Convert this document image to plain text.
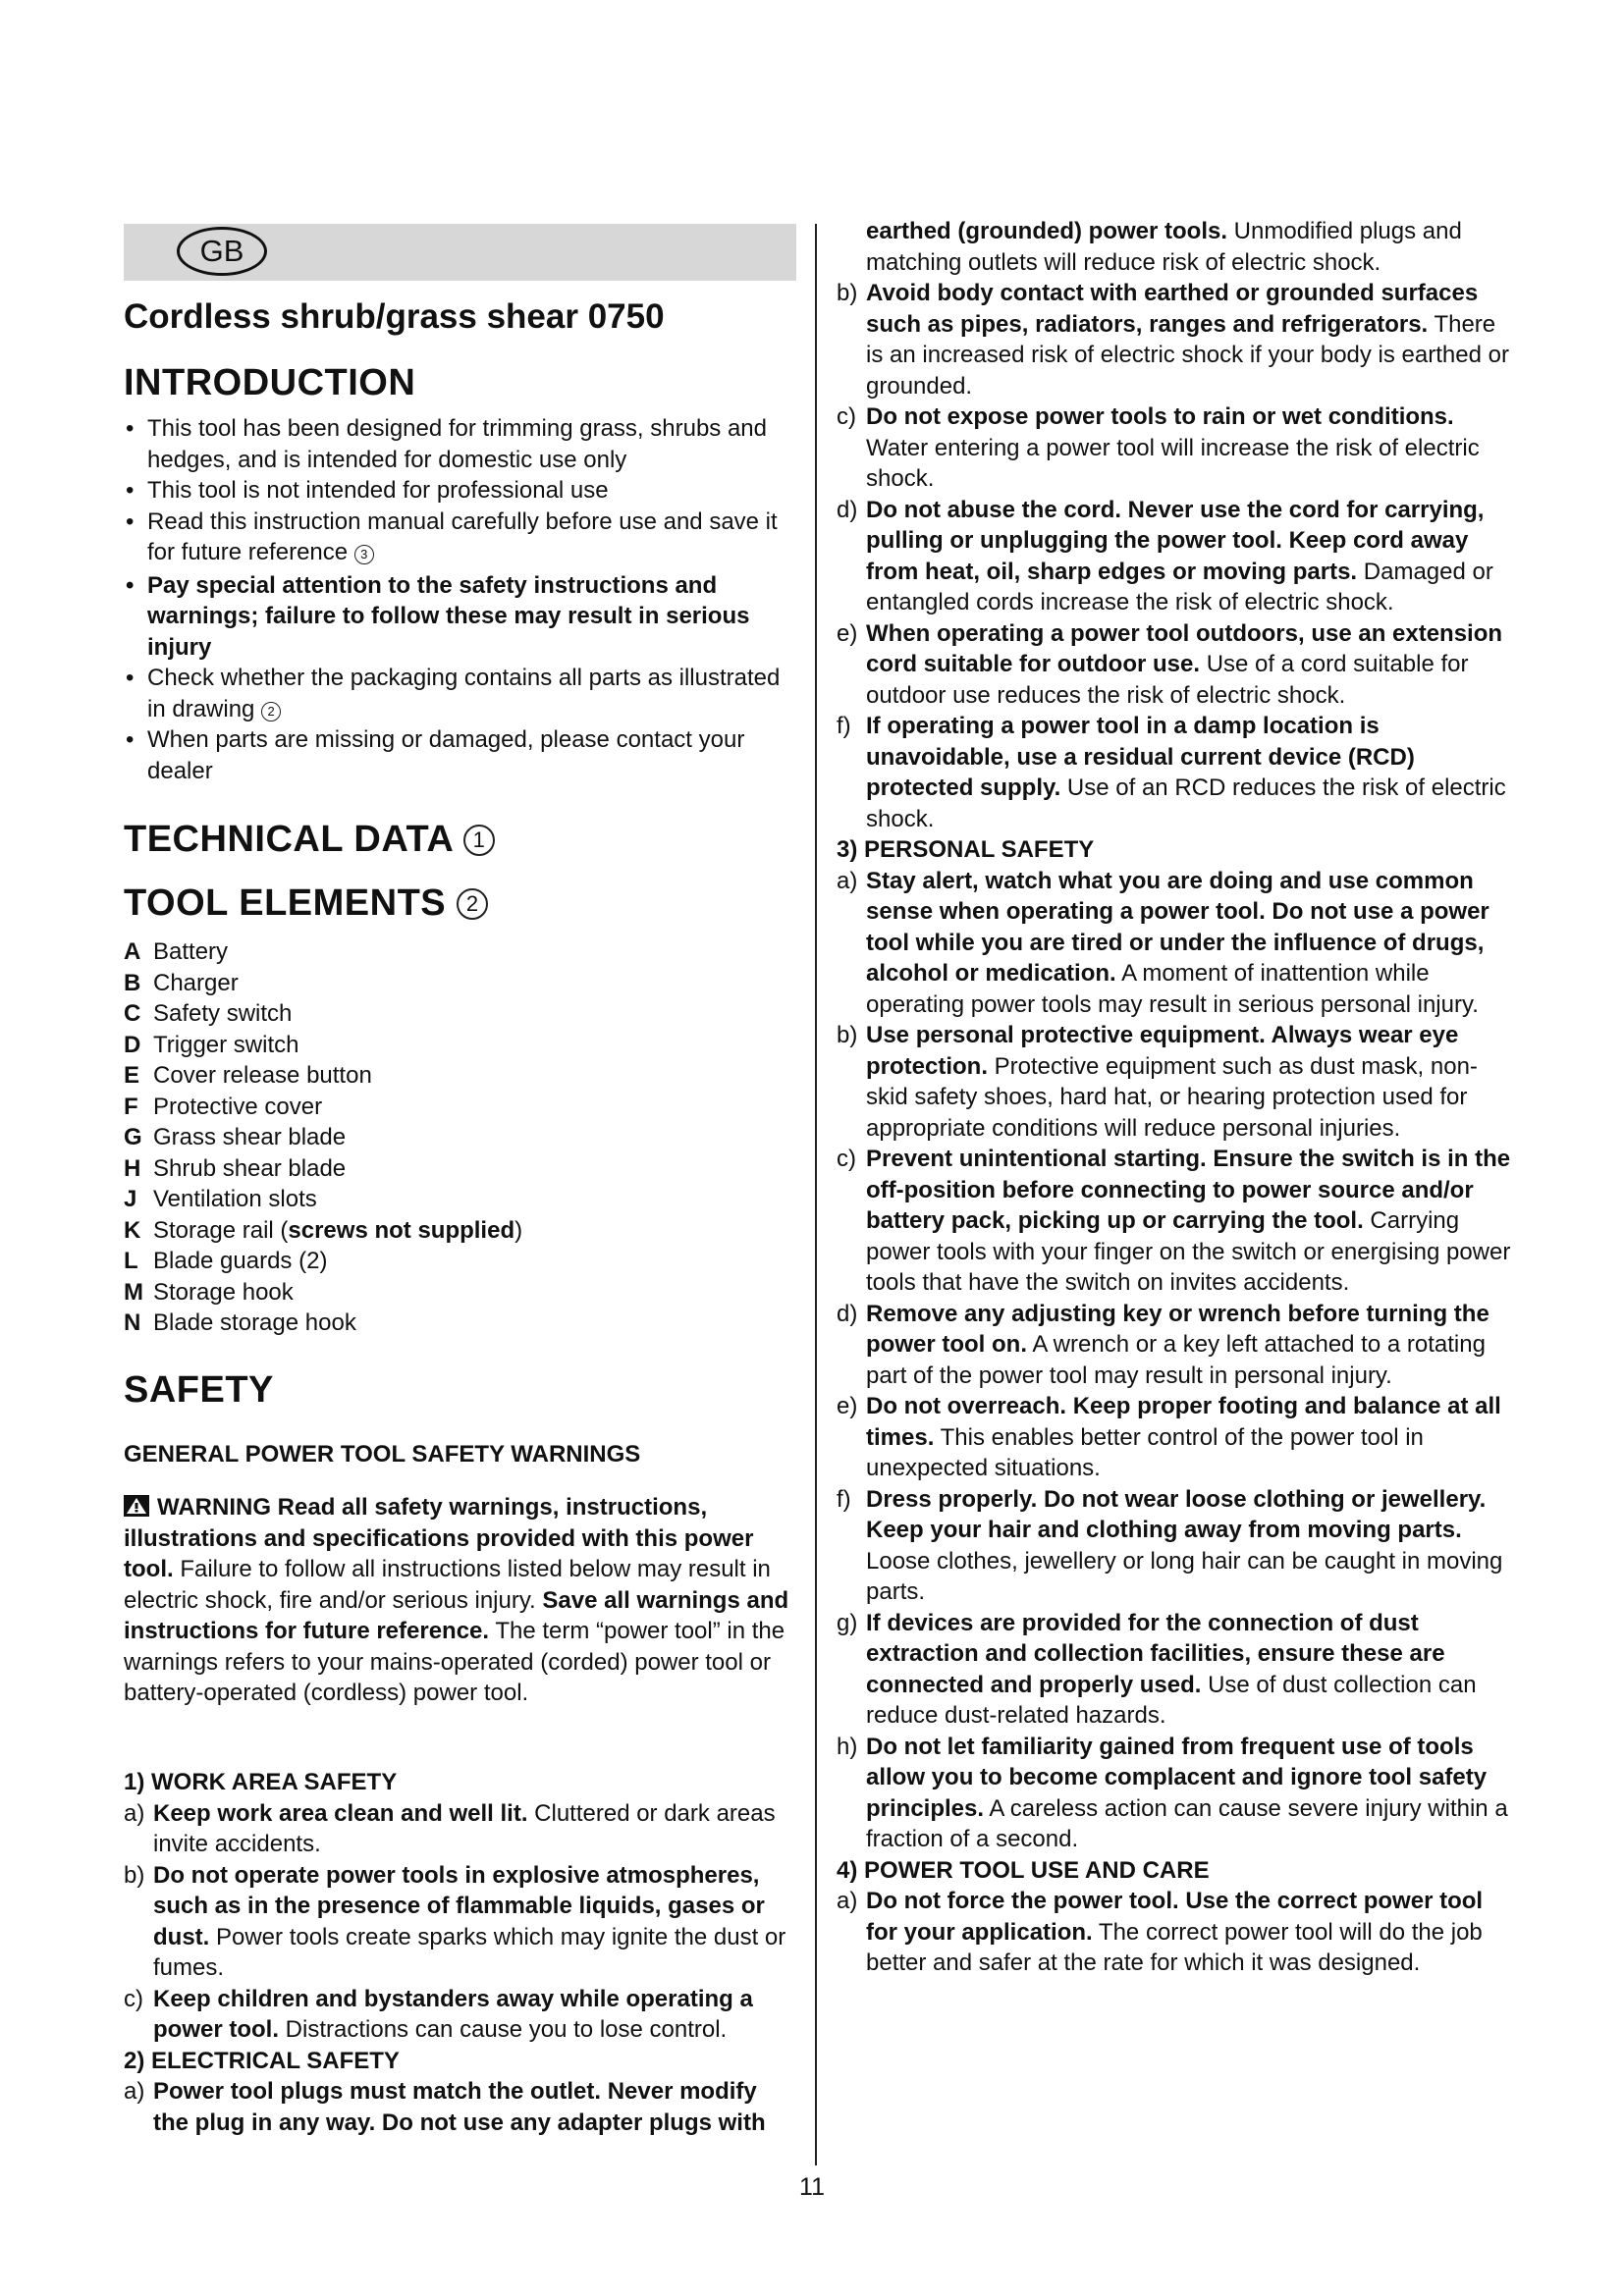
GB
Cordless shrub/grass shear 0750
INTRODUCTION
• This tool has been designed for trimming grass, shrubs and hedges, and is intended for domestic use only
• This tool is not intended for professional use
• Read this instruction manual carefully before use and save it for future reference 3
• Pay special attention to the safety instructions and warnings; failure to follow these may result in serious injury
• Check whether the packaging contains all parts as illustrated in drawing 2
• When parts are missing or damaged, please contact your dealer
TECHNICAL DATA 1
TOOL ELEMENTS 2
A Battery
B Charger
C Safety switch
D Trigger switch
E Cover release button
F Protective cover
G Grass shear blade
H Shrub shear blade
J Ventilation slots
K Storage rail (screws not supplied)
L Blade guards (2)
M Storage hook
N Blade storage hook
SAFETY
GENERAL POWER TOOL SAFETY WARNINGS
WARNING Read all safety warnings, instructions, illustrations and specifications provided with this power tool. Failure to follow all instructions listed below may result in electric shock, fire and/or serious injury. Save all warnings and instructions for future reference. The term “power tool” in the warnings refers to your mains-operated (corded) power tool or battery-operated (cordless) power tool.
1) WORK AREA SAFETY
a) Keep work area clean and well lit. Cluttered or dark areas invite accidents.
b) Do not operate power tools in explosive atmospheres, such as in the presence of flammable liquids, gases or dust. Power tools create sparks which may ignite the dust or fumes.
c) Keep children and bystanders away while operating a power tool. Distractions can cause you to lose control.
2) ELECTRICAL SAFETY
a) Power tool plugs must match the outlet. Never modify the plug in any way. Do not use any adapter plugs with
earthed (grounded) power tools. Unmodified plugs and matching outlets will reduce risk of electric shock.
b) Avoid body contact with earthed or grounded surfaces such as pipes, radiators, ranges and refrigerators. There is an increased risk of electric shock if your body is earthed or grounded.
c) Do not expose power tools to rain or wet conditions. Water entering a power tool will increase the risk of electric shock.
d) Do not abuse the cord. Never use the cord for carrying, pulling or unplugging the power tool. Keep cord away from heat, oil, sharp edges or moving parts. Damaged or entangled cords increase the risk of electric shock.
e) When operating a power tool outdoors, use an extension cord suitable for outdoor use. Use of a cord suitable for outdoor use reduces the risk of electric shock.
f) If operating a power tool in a damp location is unavoidable, use a residual current device (RCD) protected supply. Use of an RCD reduces the risk of electric shock.
3) PERSONAL SAFETY
a) Stay alert, watch what you are doing and use common sense when operating a power tool. Do not use a power tool while you are tired or under the influence of drugs, alcohol or medication. A moment of inattention while operating power tools may result in serious personal injury.
b) Use personal protective equipment. Always wear eye protection. Protective equipment such as dust mask, non-skid safety shoes, hard hat, or hearing protection used for appropriate conditions will reduce personal injuries.
c) Prevent unintentional starting. Ensure the switch is in the off-position before connecting to power source and/or battery pack, picking up or carrying the tool. Carrying power tools with your finger on the switch or energising power tools that have the switch on invites accidents.
d) Remove any adjusting key or wrench before turning the power tool on. A wrench or a key left attached to a rotating part of the power tool may result in personal injury.
e) Do not overreach. Keep proper footing and balance at all times. This enables better control of the power tool in unexpected situations.
f) Dress properly. Do not wear loose clothing or jewellery. Keep your hair and clothing away from moving parts. Loose clothes, jewellery or long hair can be caught in moving parts.
g) If devices are provided for the connection of dust extraction and collection facilities, ensure these are connected and properly used. Use of dust collection can reduce dust-related hazards.
h) Do not let familiarity gained from frequent use of tools allow you to become complacent and ignore tool safety principles. A careless action can cause severe injury within a fraction of a second.
4) POWER TOOL USE AND CARE
a) Do not force the power tool. Use the correct power tool for your application. The correct power tool will do the job better and safer at the rate for which it was designed.
11
